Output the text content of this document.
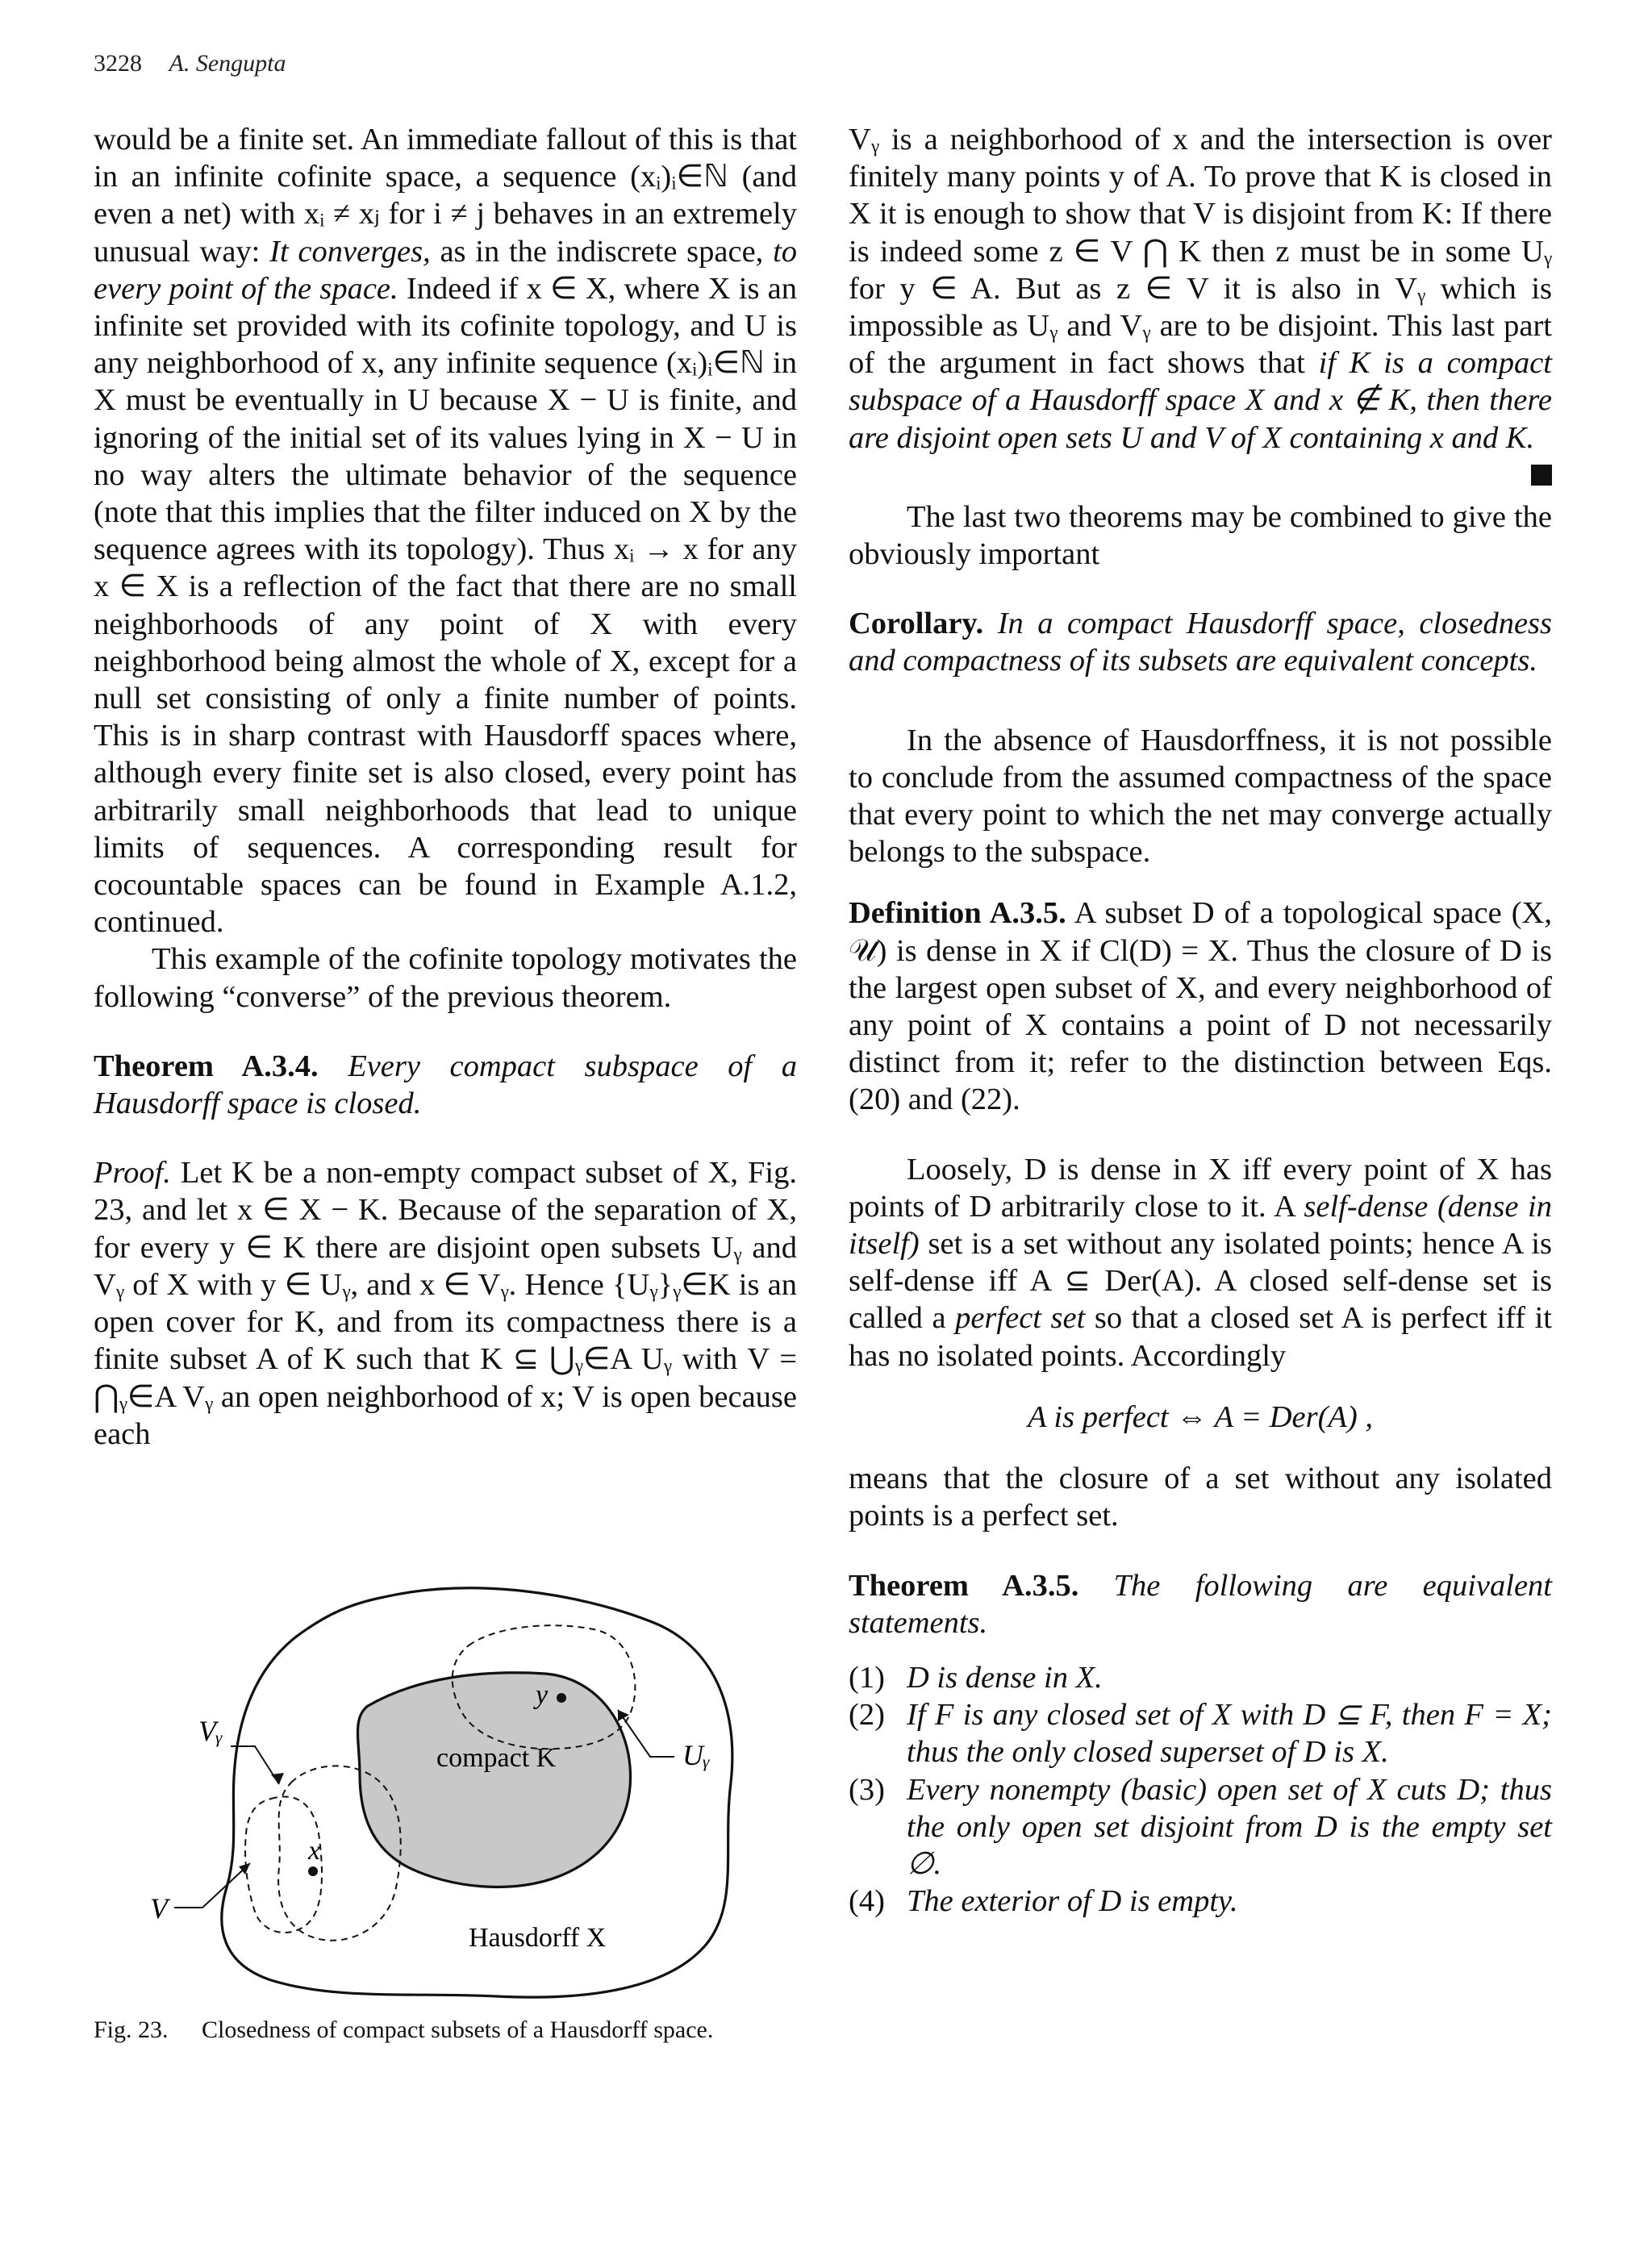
3228 A. Sengupta

would be a finite set. An immediate fallout of this is that in an infinite cofinite space, a sequence (xᵢ)ᵢ∈ℕ (and even a net) with xᵢ ≠ xⱼ for i ≠ j behaves in an extremely unusual way: It converges, as in the indiscrete space, to every point of the space. Indeed if x ∈ X, where X is an infinite set provided with its cofinite topology, and U is any neighborhood of x, any infinite sequence (xᵢ)ᵢ∈ℕ in X must be eventually in U because X − U is finite, and ignoring of the initial set of its values lying in X − U in no way alters the ultimate behavior of the sequence (note that this implies that the filter induced on X by the sequence agrees with its topology). Thus xᵢ → x for any x ∈ X is a reflection of the fact that there are no small neighborhoods of any point of X with every neighborhood being almost the whole of X, except for a null set consisting of only a finite number of points. This is in sharp contrast with Hausdorff spaces where, although every finite set is also closed, every point has arbitrarily small neighborhoods that lead to unique limits of sequences. A corresponding result for cocountable spaces can be found in Example A.1.2, continued.

This example of the cofinite topology motivates the following “converse” of the previous theorem.

Theorem A.3.4. Every compact subspace of a Hausdorff space is closed.

Proof. Let K be a non-empty compact subset of X, Fig. 23, and let x ∈ X − K. Because of the separation of X, for every y ∈ K there are disjoint open subsets Uᵧ and Vᵧ of X with y ∈ Uᵧ, and x ∈ Vᵧ. Hence {Uᵧ}ᵧ∈K is an open cover for K, and from its compactness there is a finite subset A of K such that K ⊆ ⋃ᵧ∈A Uᵧ with V = ⋂ᵧ∈A Vᵧ an open neighborhood of x; V is open because each

Vᵧ
Uᵧ
V
y
x
compact K
Hausdorff X
Fig. 23. Closedness of compact subsets of a Hausdorff space.

Vᵧ is a neighborhood of x and the intersection is over finitely many points y of A. To prove that K is closed in X it is enough to show that V is disjoint from K: If there is indeed some z ∈ V ⋂ K then z must be in some Uᵧ for y ∈ A. But as z ∈ V it is also in Vᵧ which is impossible as Uᵧ and Vᵧ are to be disjoint. This last part of the argument in fact shows that if K is a compact subspace of a Hausdorff space X and x ∉ K, then there are disjoint open sets U and V of X containing x and K.

The last two theorems may be combined to give the obviously important

Corollary. In a compact Hausdorff space, closedness and compactness of its subsets are equivalent concepts.

In the absence of Hausdorffness, it is not possible to conclude from the assumed compactness of the space that every point to which the net may converge actually belongs to the subspace.

Definition A.3.5. A subset D of a topological space (X, 𝒰) is dense in X if Cl(D) = X. Thus the closure of D is the largest open subset of X, and every neighborhood of any point of X contains a point of D not necessarily distinct from it; refer to the distinction between Eqs. (20) and (22).

Loosely, D is dense in X iff every point of X has points of D arbitrarily close to it. A self-dense (dense in itself) set is a set without any isolated points; hence A is self-dense iff A ⊆ Der(A). A closed self-dense set is called a perfect set so that a closed set A is perfect iff it has no isolated points. Accordingly

A is perfect ⇔ A = Der(A) ,

means that the closure of a set without any isolated points is a perfect set.

Theorem A.3.5. The following are equivalent statements.

(1) D is dense in X.
(2) If F is any closed set of X with D ⊆ F, then F = X; thus the only closed superset of D is X.
(3) Every nonempty (basic) open set of X cuts D; thus the only open set disjoint from D is the empty set ∅.
(4) The exterior of D is empty.
